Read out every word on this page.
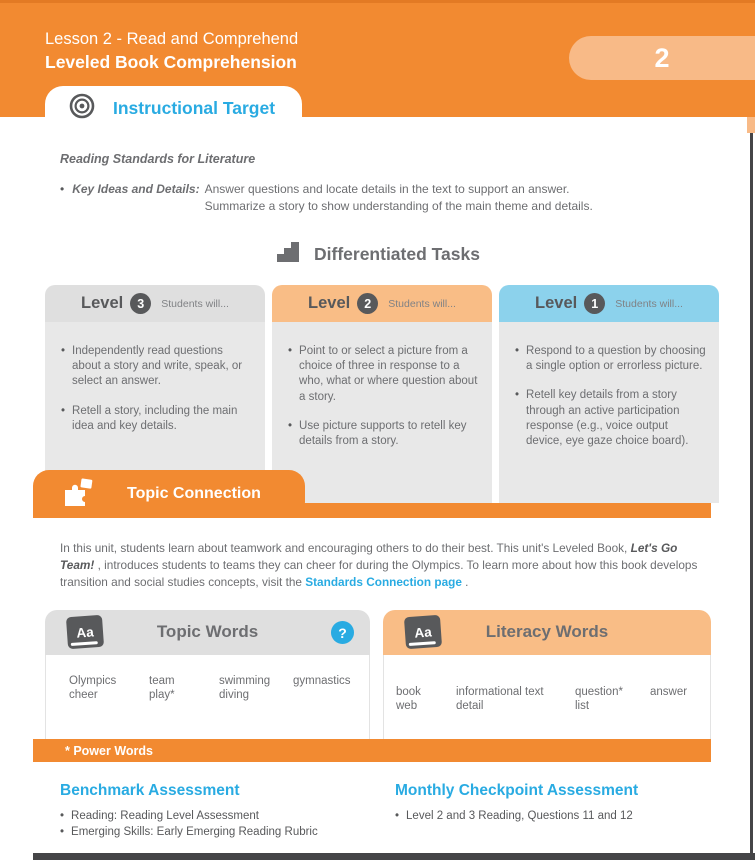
Lesson 2 - Read and Comprehend
Leveled Book Comprehension	2
Instructional Target
Reading Standards for Literature
•
Key Ideas and Details: Answer questions and locate details in the text to support an answer.
Summarize a story to show understanding of the main theme and details.
Differentiated Tasks
Level	3	Students will...
•
Independently read questions about a story and write, speak, or select an answer.
•
Retell a story, including the main idea and key details.
Level	2	Students will...
•
Point to or select a picture from a choice of three in response to a who, what or where question about a story.
•
Use picture supports to retell key details from a story.
Level	1	Students will...
•
Respond to a question by choosing a single option or errorless picture.
•
Retell key details from a story through an active participation response (e.g., voice output device, eye gaze choice board).
Topic Connection

In this unit, students learn about teamwork and encouraging others to do their best. This unit's Leveled Book, Let's Go Team! , introduces students to teams they can cheer for during the Olympics. To learn more about how this book develops transition and social studies concepts, visit the Standards Connection page .

Aa	Topic Words	?
Olympics	team	swimming	gymnastics
cheer	play*	diving
Aa	Literacy Words
book	informational text	question*	answer
web	detail	list
* Power Words
Benchmark Assessment
•
Reading: Reading Level Assessment
•
Emerging Skills: Early Emerging Reading Rubric
Monthly Checkpoint Assessment
•
Level 2 and 3 Reading, Questions 11 and 12
